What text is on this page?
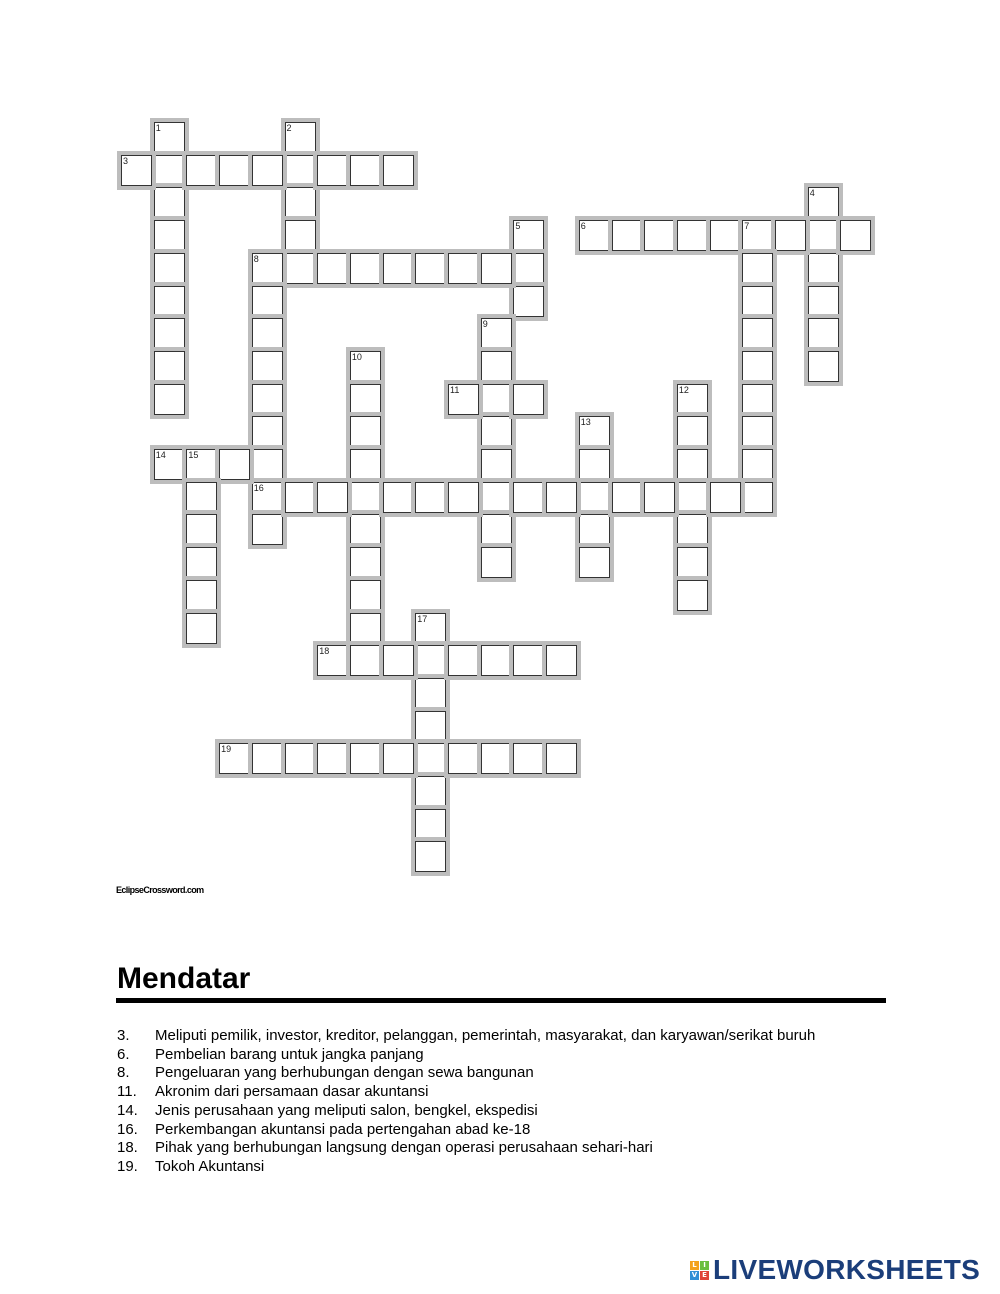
1	2
3
4
5	6	7
8
9
10
11	12
13
14	15
16
17
18
19
EclipseCrossword.com
Mendatar
3.	Meliputi pemilik, investor, kreditor, pelanggan, pemerintah, masyarakat, dan karyawan/serikat buruh
6.	Pembelian barang untuk jangka panjang
8.	Pengeluaran yang berhubungan dengan sewa bangunan
11.	Akronim dari persamaan dasar akuntansi
14.	Jenis perusahaan yang meliputi salon, bengkel, ekspedisi
16.	Perkembangan akuntansi pada pertengahan abad ke-18
18.	Pihak yang berhubungan langsung dengan operasi perusahaan sehari-hari
19.	Tokoh Akuntansi
L I
V E LIVEWORKSHEETS
